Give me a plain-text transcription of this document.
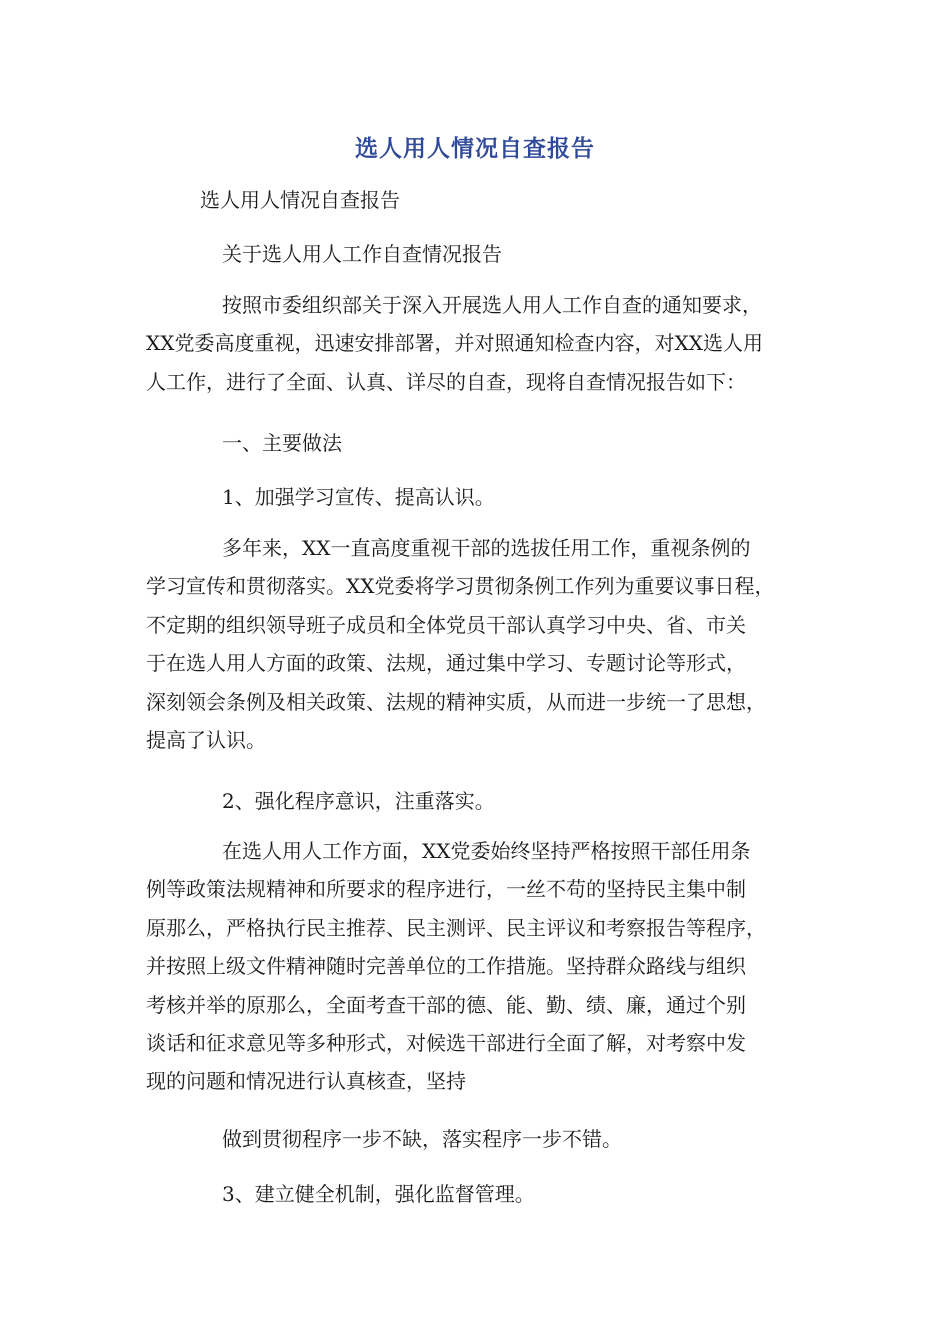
选人用人情况自查报告
选人用人情况自查报告
关于选人用人工作自查情况报告
按照市委组织部关于深入开展选人用人工作自查的通知要求，
XX党委高度重视，迅速安排部署，并对照通知检查内容，对XX选人用
人工作，进行了全面、认真、详尽的自查，现将自查情况报告如下：
一、主要做法
1、加强学习宣传、提高认识。
多年来，XX一直高度重视干部的选拔任用工作，重视条例的
学习宣传和贯彻落实。XX党委将学习贯彻条例工作列为重要议事日程，
不定期的组织领导班子成员和全体党员干部认真学习中央、省、市关
于在选人用人方面的政策、法规，通过集中学习、专题讨论等形式，
深刻领会条例及相关政策、法规的精神实质，从而进一步统一了思想，
提高了认识。
2、强化程序意识，注重落实。
在选人用人工作方面，XX党委始终坚持严格按照干部任用条
例等政策法规精神和所要求的程序进行，一丝不苟的坚持民主集中制
原那么，严格执行民主推荐、民主测评、民主评议和考察报告等程序，
并按照上级文件精神随时完善单位的工作措施。坚持群众路线与组织
考核并举的原那么，全面考查干部的德、能、勤、绩、廉，通过个别
谈话和征求意见等多种形式，对候选干部进行全面了解，对考察中发
现的问题和情况进行认真核查，坚持
做到贯彻程序一步不缺，落实程序一步不错。
3、建立健全机制，强化监督管理。
